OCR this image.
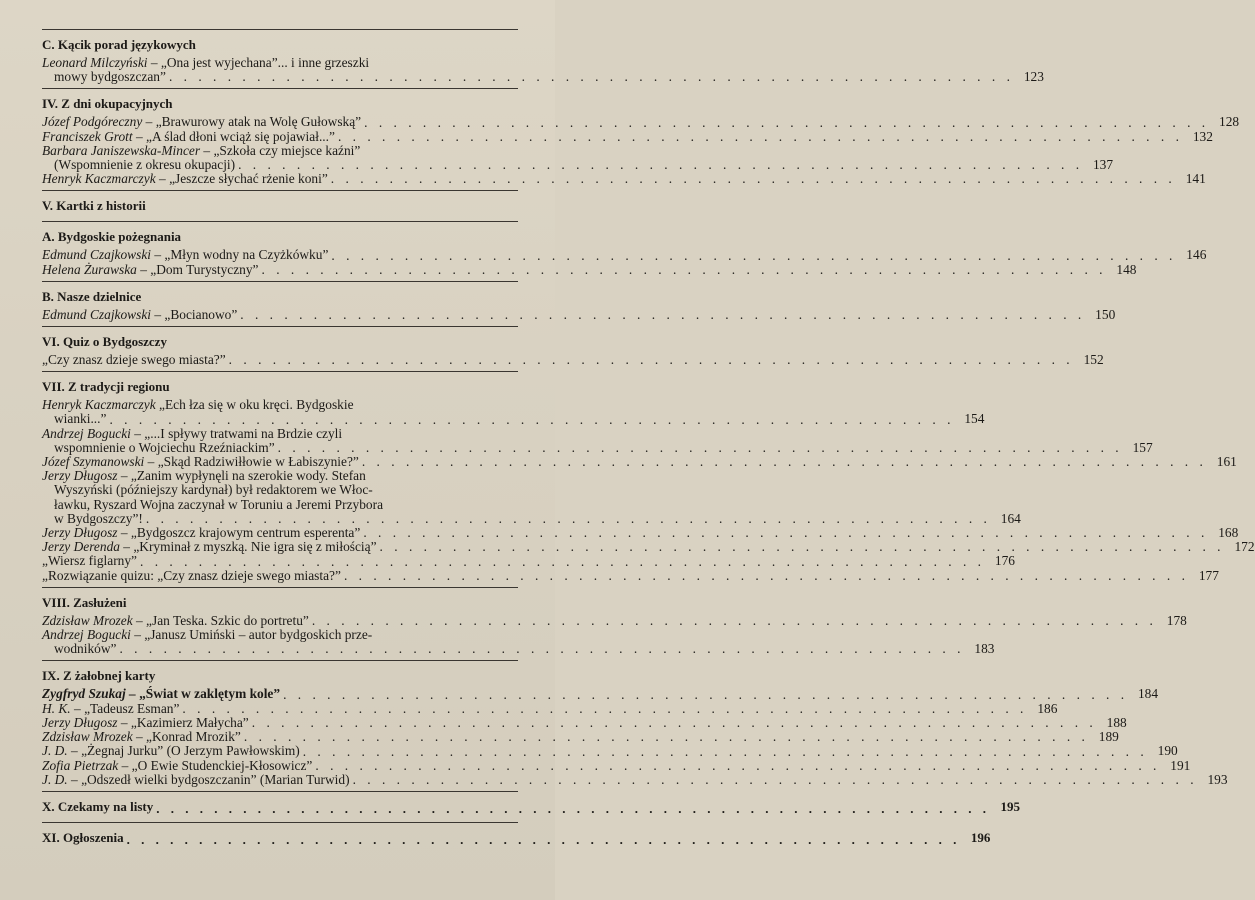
C. Kącik porad językowych
Leonard Milczyński – „Ona jest wyjechana”... i inne grzeszki
mowy bydgoszczan” . . . . . . . . . . . . . . . . . . . . . . . . . . . . . . . . . . . . . . . . . . . . . . . . . . . . . . . . . . 123
IV. Z dni okupacyjnych
Józef Podgóreczny – „Brawurowy atak na Wolę Gułowską” . . . . . . . . . . . . . . . . . . . . . . . . . . . . . . . . . . . . . . . . . . . . . . . . . . . . . . . . . . 128
Franciszek Grott – „A ślad dłoni wciąż się pojawiał...” . . . . . . . . . . . . . . . . . . . . . . . . . . . . . . . . . . . . . . . . . . . . . . . . . . . . . . . . . . 132
Barbara Janiszewska-Mincer – „Szkoła czy miejsce kaźni”
(Wspomnienie z okresu okupacji) . . . . . . . . . . . . . . . . . . . . . . . . . . . . . . . . . . . . . . . . . . . . . . . . . . . . . . . . . . 137
Henryk Kaczmarczyk – „Jeszcze słychać rżenie koni” . . . . . . . . . . . . . . . . . . . . . . . . . . . . . . . . . . . . . . . . . . . . . . . . . . . . . . . . . . 141
V. Kartki z historii
A. Bydgoskie pożegnania
Edmund Czajkowski – „Młyn wodny na Czyżkówku” . . . . . . . . . . . . . . . . . . . . . . . . . . . . . . . . . . . . . . . . . . . . . . . . . . . . . . . . . . 146
Helena Żurawska – „Dom Turystyczny” . . . . . . . . . . . . . . . . . . . . . . . . . . . . . . . . . . . . . . . . . . . . . . . . . . . . . . . . . . 148
B. Nasze dzielnice
Edmund Czajkowski – „Bocianowo” . . . . . . . . . . . . . . . . . . . . . . . . . . . . . . . . . . . . . . . . . . . . . . . . . . . . . . . . . . 150
VI. Quiz o Bydgoszczy
„Czy znasz dzieje swego miasta?” . . . . . . . . . . . . . . . . . . . . . . . . . . . . . . . . . . . . . . . . . . . . . . . . . . . . . . . . . . 152
VII. Z tradycji regionu
Henryk Kaczmarczyk „Ech łza się w oku kręci. Bydgoskie
wianki...” . . . . . . . . . . . . . . . . . . . . . . . . . . . . . . . . . . . . . . . . . . . . . . . . . . . . . . . . . . 154
Andrzej Bogucki – „...I spływy tratwami na Brdzie czyli
wspomnienie o Wojciechu Rzeźniackim” . . . . . . . . . . . . . . . . . . . . . . . . . . . . . . . . . . . . . . . . . . . . . . . . . . . . . . . . . . 157
Józef Szymanowski – „Skąd Radziwiłłowie w Łabiszynie?” . . . . . . . . . . . . . . . . . . . . . . . . . . . . . . . . . . . . . . . . . . . . . . . . . . . . . . . . . . 161
Jerzy Długosz – „Zanim wypłynęli na szerokie wody. Stefan
Wyszyński (późniejszy kardynał) był redaktorem we Włoc-
ławku, Ryszard Wojna zaczynał w Toruniu a Jeremi Przybora
w Bydgoszczy”! . . . . . . . . . . . . . . . . . . . . . . . . . . . . . . . . . . . . . . . . . . . . . . . . . . . . . . . . . . 164
Jerzy Długosz – „Bydgoszcz krajowym centrum esperenta” . . . . . . . . . . . . . . . . . . . . . . . . . . . . . . . . . . . . . . . . . . . . . . . . . . . . . . . . . . 168
Jerzy Derenda – „Kryminał z myszką. Nie igra się z miłością” . . . . . . . . . . . . . . . . . . . . . . . . . . . . . . . . . . . . . . . . . . . . . . . . . . . . . . . . . . 172
„Wiersz figlarny” . . . . . . . . . . . . . . . . . . . . . . . . . . . . . . . . . . . . . . . . . . . . . . . . . . . . . . . . . . 176
„Rozwiązanie quizu: „Czy znasz dzieje swego miasta?” . . . . . . . . . . . . . . . . . . . . . . . . . . . . . . . . . . . . . . . . . . . . . . . . . . . . . . . . . . 177
VIII. Zasłużeni
Zdzisław Mrozek – „Jan Teska. Szkic do portretu” . . . . . . . . . . . . . . . . . . . . . . . . . . . . . . . . . . . . . . . . . . . . . . . . . . . . . . . . . . 178
Andrzej Bogucki – „Janusz Umiński – autor bydgoskich prze-
wodników” . . . . . . . . . . . . . . . . . . . . . . . . . . . . . . . . . . . . . . . . . . . . . . . . . . . . . . . . . . 183
IX. Z żałobnej karty
Zygfryd Szukaj – „Świat w zaklętym kole” . . . . . . . . . . . . . . . . . . . . . . . . . . . . . . . . . . . . . . . . . . . . . . . . . . . . . . . . . . 184
H. K. – „Tadeusz Esman” . . . . . . . . . . . . . . . . . . . . . . . . . . . . . . . . . . . . . . . . . . . . . . . . . . . . . . . . . . 186
Jerzy Długosz – „Kazimierz Małycha” . . . . . . . . . . . . . . . . . . . . . . . . . . . . . . . . . . . . . . . . . . . . . . . . . . . . . . . . . . 188
Zdzisław Mrozek – „Konrad Mrozik” . . . . . . . . . . . . . . . . . . . . . . . . . . . . . . . . . . . . . . . . . . . . . . . . . . . . . . . . . . 189
J. D. – „Żegnaj Jurku” (O Jerzym Pawłowskim) . . . . . . . . . . . . . . . . . . . . . . . . . . . . . . . . . . . . . . . . . . . . . . . . . . . . . . . . . . 190
Zofia Pietrzak – „O Ewie Studenckiej-Kłosowicz” . . . . . . . . . . . . . . . . . . . . . . . . . . . . . . . . . . . . . . . . . . . . . . . . . . . . . . . . . . 191
J. D. – „Odszedł wielki bydgoszczanin” (Marian Turwid) . . . . . . . . . . . . . . . . . . . . . . . . . . . . . . . . . . . . . . . . . . . . . . . . . . . . . . . . . . 193
X. Czekamy na listy . . . . . . . . . . . . . . . . . . . . . . . . . . . . . . . . . . . . . . . . . . . . . . . . . . . . . . . . . . 195
XI. Ogłoszenia . . . . . . . . . . . . . . . . . . . . . . . . . . . . . . . . . . . . . . . . . . . . . . . . . . . . . . . . . . 196
